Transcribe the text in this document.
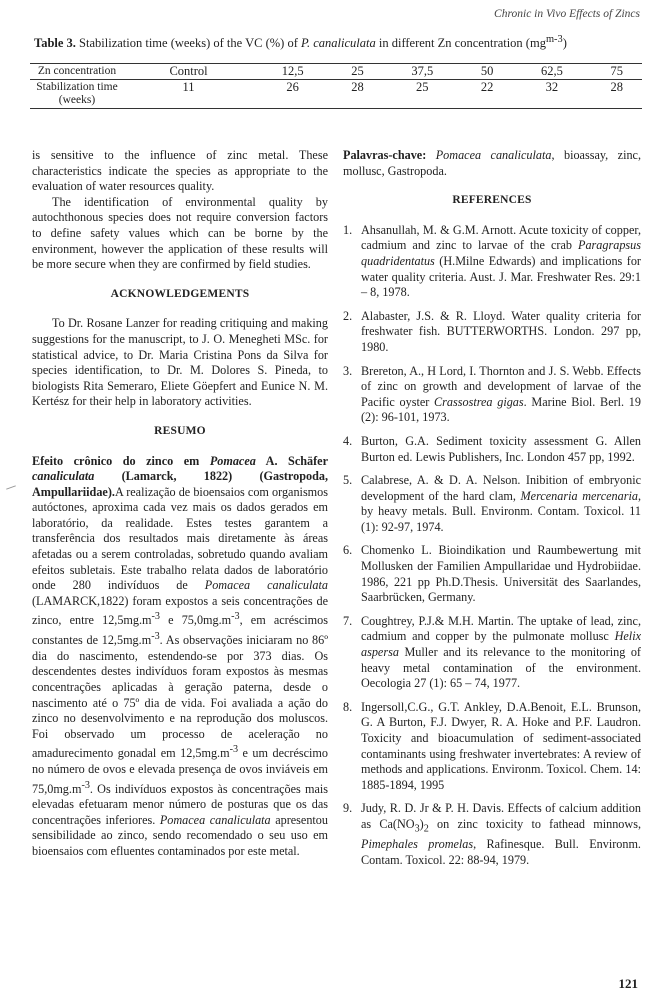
Chronic in Vivo Effects of Zincs
Table 3. Stabilization time (weeks) of the VC (%) of P. canaliculata in different Zn concentration $(mg^{m-3})$
Zn concentration	Control	12,5	25	37,5	50	62,5	75
Stabilization time (weeks)	11	26	28	25	22	32	28

is sensitive to the influence of zinc metal. These characteristics indicate the species as appropriate to the evaluation of water resources quality.

The identification of environmental quality by autochthonous species does not require conversion factors to define safety values which can be borne by the environment, however the application of these results will be more secure when they are confirmed by field studies.

ACKNOWLEDGEMENTS

To Dr. Rosane Lanzer for reading critiquing and making suggestions for the manuscript, to J. O. Menegheti MSc. for statistical advice, to Dr. Maria Cristina Pons da Silva for species identification, to Dr. M. Dolores S. Pineda, to biologists Rita Semeraro, Eliete Göepfert and Eunice N. M. Kertész for their help in laboratory activities.

RESUMO

Efeito crônico do zinco em Pomacea A. Schäfer canaliculata (Lamarck, 1822) (Gastropoda, Ampullariidae).A realização de bioensaios com organismos autóctones, aproxima cada vez mais os dados gerados em laboratório, da realidade. Estes testes garantem a transferência dos resultados mais diretamente às áreas afetadas ou a serem controladas, sobretudo quando avaliam efeitos subletais. Este trabalho relata dados de laboratório onde 280 indivíduos de Pomacea canaliculata (LAMARCK,1822) foram expostos a seis concentrações de zinco, entre $12,5mg.m^{-3}$ e $75,0mg.m^{-3}$, em acréscimos constantes de $12,5mg.m^{-3}$. As observações iniciaram no 86º dia do nascimento, estendendo-se por 373 dias. Os descendentes destes indivíduos foram expostos às mesmas concentrações aplicadas à geração paterna, desde o nascimento até o 75º dia de vida. Foi avaliada a ação do zinco no desenvolvimento e na reprodução dos moluscos. Foi observado um processo de aceleração no amadurecimento gonadal em $12,5mg.m^{-3}$ e um decréscimo no número de ovos e elevada presença de ovos inviáveis em $75,0mg.m^{-3}$. Os indivíduos expostos às concentrações mais elevadas efetuaram menor número de posturas que os das concentrações inferiores. Pomacea canaliculata apresentou sensibilidade ao zinco, sendo recomendado o seu uso em bioensaios com efluentes contaminados por este metal.

Palavras-chave: Pomacea canaliculata, bioassay, zinc, mollusc, Gastropoda.

REFERENCES

1. Ahsanullah, M. & G.M. Arnott. Acute toxicity of copper, cadmium and zinc to larvae of the crab Paragrapsus quadridentatus (H.Milne Edwards) and implications for water quality criteria. Aust. J. Mar. Freshwater Res. 29:1 – 8, 1978.
2. Alabaster, J.S. & R. Lloyd. Water quality criteria for freshwater fish. BUTTERWORTHS. London. 297 pp, 1980.
3. Brereton, A., H Lord, I. Thornton and J. S. Webb. Effects of zinc on growth and development of larvae of the Pacific oyster Crassostrea gigas. Marine Biol. Berl. 19 (2): 96-101, 1973.
4. Burton, G.A. Sediment toxicity assessment G. Allen Burton ed. Lewis Publishers, Inc. London 457 pp, 1992.
5. Calabrese, A. & D. A. Nelson. Inibition of embryonic development of the hard clam, Mercenaria mercenaria, by heavy metals. Bull. Environm. Contam. Toxicol. 11 (1): 92-97, 1974.
6. Chomenko L. Bioindikation und Raumbewertung mit Mollusken der Familien Ampullaridae und Hydrobiidae. 1986, 221 pp Ph.D.Thesis. Universität des Saarlandes, Saarbrücken, Germany.
7. Coughtrey, P.J.& M.H. Martin. The uptake of lead, zinc, cadmium and copper by the pulmonate mollusc Helix aspersa Muller and its relevance to the monitoring of heavy metal contamination of the environment. Oecologia 27 (1): 65 – 74, 1977.
8. Ingersoll,C.G., G.T. Ankley, D.A.Benoit, E.L. Brunson, G. A Burton, F.J. Dwyer, R. A. Hoke and P.F. Laudron. Toxicity and bioacumulation of sediment-associated contaminants using freshwater invertebrates: A review of methods and applications. Environm. Toxicol. Chem. 14: 1885-1894, 1995
9. Judy, R. D. Jr & P. H. Davis. Effects of calcium addition as $Ca(NO_3)_2$ on zinc toxicity to fathead minnows, Pimephales promelas, Rafinesque. Bull. Environm. Contam. Toxicol. 22: 88-94, 1979.
121
